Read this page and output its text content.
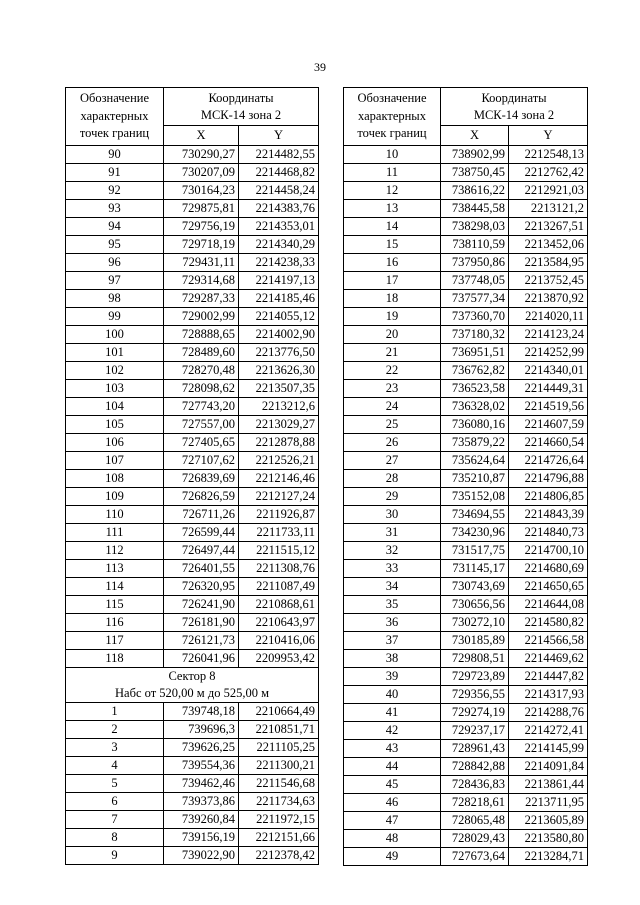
39
Обозначение
характерных
точек границ	Координаты
МСК-14 зона 2	
	X	Y
90	730290,27	2214482,55
91	730207,09	2214468,82
92	730164,23	2214458,24
93	729875,81	2214383,76
94	729756,19	2214353,01
95	729718,19	2214340,29
96	729431,11	2214238,33
97	729314,68	2214197,13
98	729287,33	2214185,46
99	729002,99	2214055,12
100	728888,65	2214002,90
101	728489,60	2213776,50
102	728270,48	2213626,30
103	728098,62	2213507,35
104	727743,20	2213212,6
105	727557,00	2213029,27
106	727405,65	2212878,88
107	727107,62	2212526,21
108	726839,69	2212146,46
109	726826,59	2212127,24
110	726711,26	2211926,87
111	726599,44	2211733,11
112	726497,44	2211515,12
113	726401,55	2211308,76
114	726320,95	2211087,49
115	726241,90	2210868,61
116	726181,90	2210643,97
117	726121,73	2210416,06
118	726041,96	2209953,42
Сектор 8
Нaбс от 520,00 м до 525,00 м		
1	739748,18	2210664,49
2	739696,3	2210851,71
3	739626,25	2211105,25
4	739554,36	2211300,21
5	739462,46	2211546,68
6	739373,86	2211734,63
7	739260,84	2211972,15
8	739156,19	2212151,66
9	739022,90	2212378,42
Обозначение
характерных
точек границ	Координаты
МСК-14 зона 2	
	X	Y
10	738902,99	2212548,13
11	738750,45	2212762,42
12	738616,22	2212921,03
13	738445,58	2213121,2
14	738298,03	2213267,51
15	738110,59	2213452,06
16	737950,86	2213584,95
17	737748,05	2213752,45
18	737577,34	2213870,92
19	737360,70	2214020,11
20	737180,32	2214123,24
21	736951,51	2214252,99
22	736762,82	2214340,01
23	736523,58	2214449,31
24	736328,02	2214519,56
25	736080,16	2214607,59
26	735879,22	2214660,54
27	735624,64	2214726,64
28	735210,87	2214796,88
29	735152,08	2214806,85
30	734694,55	2214843,39
31	734230,96	2214840,73
32	731517,75	2214700,10
33	731145,17	2214680,69
34	730743,69	2214650,65
35	730656,56	2214644,08
36	730272,10	2214580,82
37	730185,89	2214566,58
38	729808,51	2214469,62
39	729723,89	2214447,82
40	729356,55	2214317,93
41	729274,19	2214288,76
42	729237,17	2214272,41
43	728961,43	2214145,99
44	728842,88	2214091,84
45	728436,83	2213861,44
46	728218,61	2213711,95
47	728065,48	2213605,89
48	728029,43	2213580,80
49	727673,64	2213284,71
